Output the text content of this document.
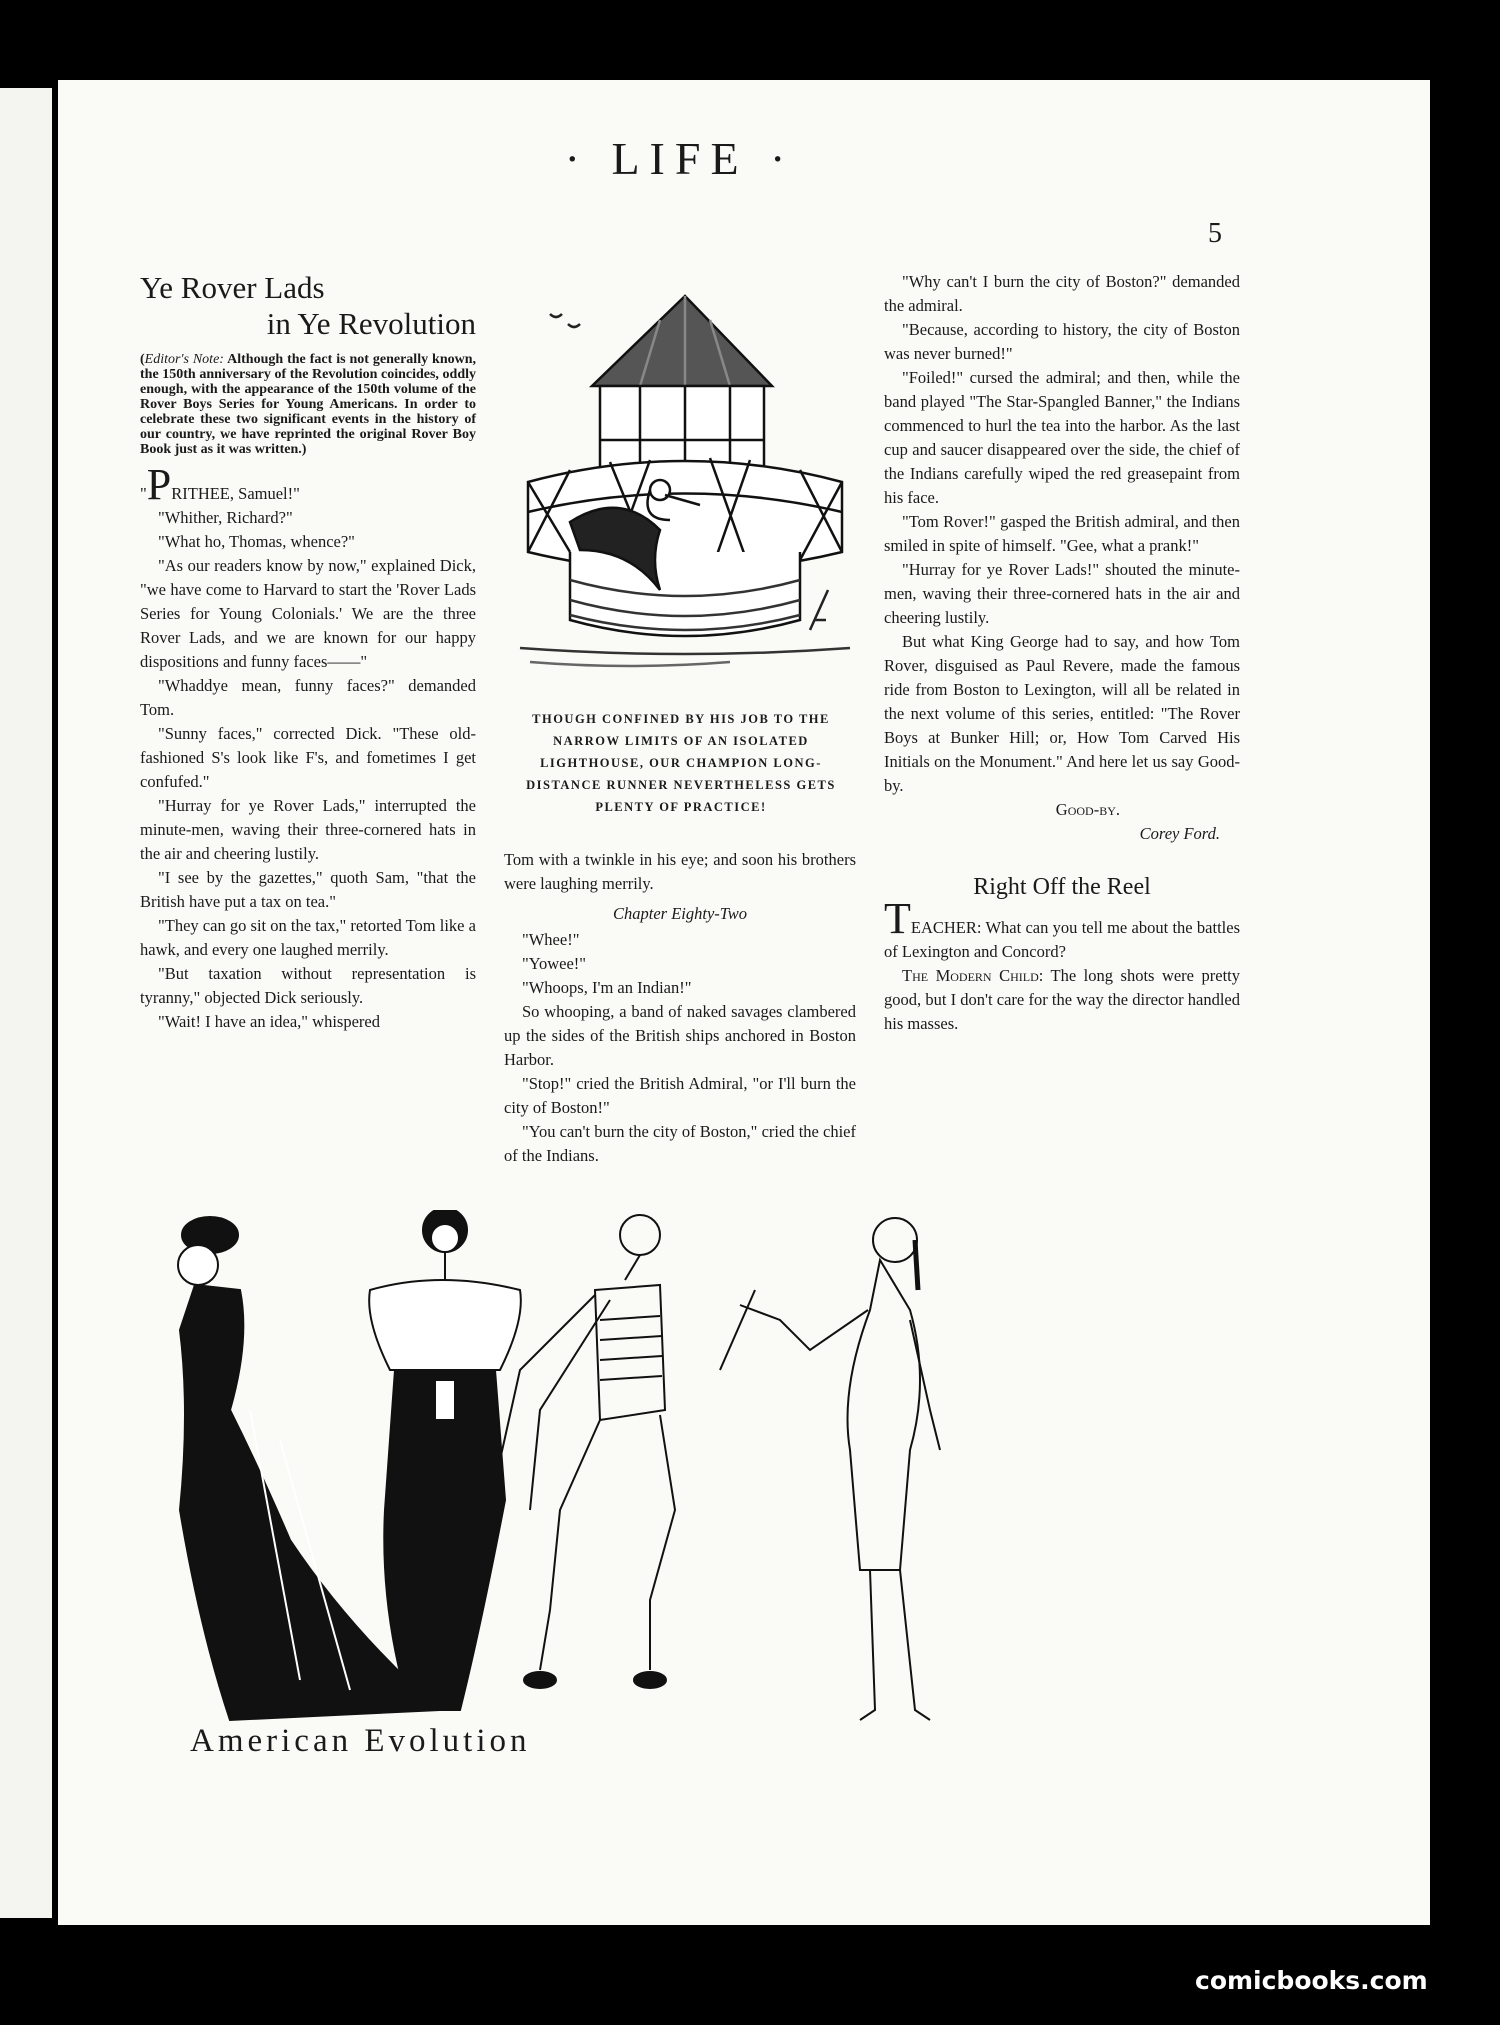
· LIFE ·
5
Ye Rover Lads
in Ye Revolution

(Editor's Note: Although the fact is not generally known, the 150th anniversary of the Revolution coincides, oddly enough, with the appearance of the 150th volume of the Rover Boys Series for Young Americans. In order to celebrate these two significant events in the history of our country, we have reprinted the original Rover Boy Book just as it was written.)

"PRITHEE, Samuel!"

"Whither, Richard?"

"What ho, Thomas, whence?"

"As our readers know by now," explained Dick, "we have come to Harvard to start the 'Rover Lads Series for Young Colonials.' We are the three Rover Lads, and we are known for our happy dispositions and funny faces——"

"Whaddye mean, funny faces?" demanded Tom.

"Sunny faces," corrected Dick. "These old-fashioned S's look like F's, and fometimes I get confufed."

"Hurray for ye Rover Lads," interrupted the minute-men, waving their three-cornered hats in the air and cheering lustily.

"I see by the gazettes," quoth Sam, "that the British have put a tax on tea."

"They can go sit on the tax," retorted Tom like a hawk, and every one laughed merrily.

"But taxation without representation is tyranny," objected Dick seriously.

"Wait! I have an idea," whispered

THOUGH CONFINED BY HIS JOB TO THE NARROW LIMITS OF AN ISOLATED LIGHTHOUSE, OUR CHAMPION LONG-DISTANCE RUNNER NEVERTHELESS GETS PLENTY OF PRACTICE!

Tom with a twinkle in his eye; and soon his brothers were laughing merrily.

Chapter Eighty-Two

"Whee!"

"Yowee!"

"Whoops, I'm an Indian!"

So whooping, a band of naked savages clambered up the sides of the British ships anchored in Boston Harbor.

"Stop!" cried the British Admiral, "or I'll burn the city of Boston!"

"You can't burn the city of Boston," cried the chief of the Indians.

"Why can't I burn the city of Boston?" demanded the admiral.

"Because, according to history, the city of Boston was never burned!"

"Foiled!" cursed the admiral; and then, while the band played "The Star-Spangled Banner," the Indians commenced to hurl the tea into the harbor. As the last cup and saucer disappeared over the side, the chief of the Indians carefully wiped the red greasepaint from his face.

"Tom Rover!" gasped the British admiral, and then smiled in spite of himself. "Gee, what a prank!"

"Hurray for ye Rover Lads!" shouted the minute-men, waving their three-cornered hats in the air and cheering lustily.

But what King George had to say, and how Tom Rover, disguised as Paul Revere, made the famous ride from Boston to Lexington, will all be related in the next volume of this series, entitled: "The Rover Boys at Bunker Hill; or, How Tom Carved His Initials on the Monument." And here let us say Good-by.

Good-by.

Corey Ford.

Right Off the Reel

TEACHER: What can you tell me about the battles of Lexington and Concord?

The Modern Child: The long shots were pretty good, but I don't care for the way the director handled his masses.

American Evolution
comicbooks.com
